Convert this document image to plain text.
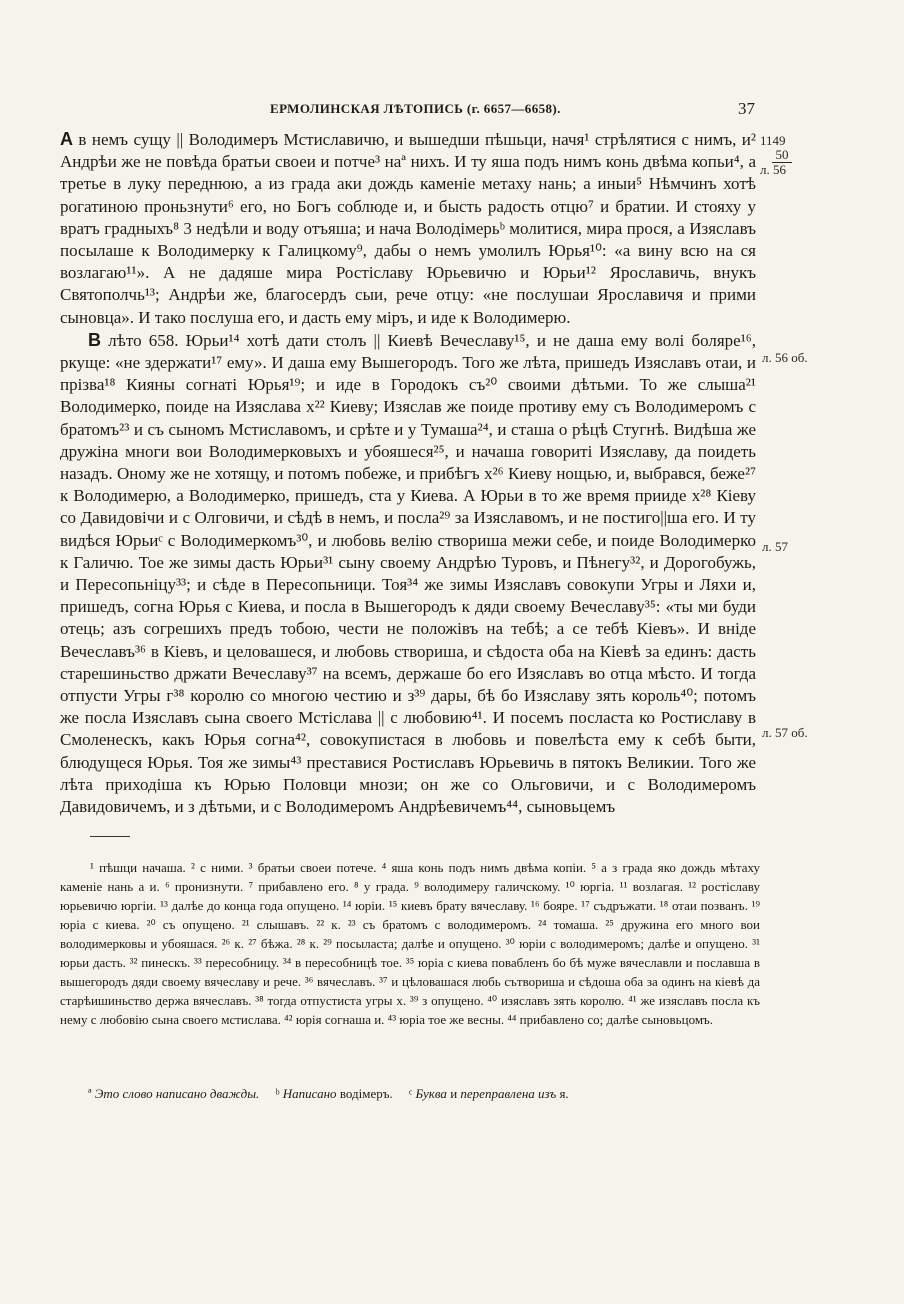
ЕРМОЛИНСКАЯ ЛѢТОПИСЬ (г. 6657—6658).	37
1149
50
л. 56
л. 56 об.
л. 57
л. 57 об.

А в немъ сущу || Володимеръ Мстиславичю, и вышедши пѣшьци, начя¹ стрѣлятися с нимъ, и² Андрѣи же не повѣда братьи своеи и потче³ наª нихъ. И ту яша подъ нимъ конь двѣма копьи⁴, а третье в луку переднюю, а из града аки дождь каменіе метаху нань; а иныи⁵ Нѣмчинъ хотѣ рогатиною проньзнути⁶ его, но Богъ соблюде и, и бысть радость отцю⁷ и братии. И стояху у вратъ градныхъ⁸ 3 недѣли и воду отъяша; и нача Володімерьᵇ молитися, мира прося, а Изяславъ посылаше к Володимерку к Галицкому⁹, дабы о немъ умолилъ Юрья¹⁰: «а вину всю на ся возлагаю¹¹». А не дадяше мира Ростіславу Юрьевичю и Юрьи¹² Ярославичь, внукъ Святополчь¹³; Андрѣи же, благосердъ сыи, рече отцу: «не послушаи Ярославичя и прими сыновца». И тако послуша его, и дасть ему міръ, и иде к Володимерю.

В лѣто 658. Юрьи¹⁴ хотѣ дати столъ || Киевѣ Вечеславу¹⁵, и не даша ему волі боляре¹⁶, ркуще: «не здержати¹⁷ ему». И даша ему Вышегородъ. Того же лѣта, пришедъ Изяславъ отаи, и прізва¹⁸ Кияны согнаті Юрья¹⁹; и иде в Городокъ съ²⁰ своими дѣтьми. То же слыша²¹ Володимерко, поиде на Изяслава х²² Киеву; Изяслав же поиде противу ему съ Володимеромъ с братомъ²³ и съ сыномъ Мстиславомъ, и срѣте и у Тумаша²⁴, и сташа о рѣцѣ Стугнѣ. Видѣша же дружіна многи вои Володимерковыхъ и убояшеся²⁵, и начаша говориті Изяславу, да поидеть назадъ. Оному же не хотящу, и потомъ побеже, и прибѣгъ х²⁶ Киеву нощью, и, выбрався, беже²⁷ к Володимерю, а Володимерко, пришедъ, ста у Киева. А Юрьи в то же время прииде х²⁸ Кіеву со Давидовічи и с Олговичи, и сѣдѣ в немъ, и посла²⁹ за Изяславомъ, и не постиго||ша его. И ту видѣся Юрьиᶜ с Володимеркомъ³⁰, и любовь велію створиша межи себе, и поиде Володимерко к Галичю. Тое же зимы дасть Юрьи³¹ сыну своему Андрѣю Туровъ, и Пѣнегу³², и Дорогобужь, и Пересопьніцу³³; и сѣде в Пересопьници. Тоя³⁴ же зимы Изяславъ совокупи Угры и Ляхи и, пришедъ, согна Юрья с Киева, и посла в Вышегородъ к дяди своему Вечеславу³⁵: «ты ми буди отець; азъ согрешихъ предъ тобою, чести не положівъ на тебѣ; а се тебѣ Кіевъ». И вніде Вечеславъ³⁶ в Кіевъ, и целовашеся, и любовь створиша, и сѣдоста оба на Кіевѣ за единъ: дасть старешиньство држати Вечеславу³⁷ на всемъ, держаше бо его Изяславъ во отца мѣсто. И тогда отпусти Угры г³⁸ королю со многою честию и з³⁹ дары, бѣ бо Изяславу зять король⁴⁰; потомъ же посла Изяславъ сына своего Мстіслава || с любовию⁴¹. И посемъ посласта ко Ростиславу в Смоленескъ, какъ Юрья согна⁴², совокупистася в любовь и повелѣста ему к себѣ быти, блюдущеся Юрья. Тоя же зимы⁴³ преставися Ростиславъ Юрьевичь в пятокъ Великии. Того же лѣта приходіша къ Юрью Половци мнози; он же со Ольговичи, и с Володимеромъ Давидовичемъ, и з дѣтьми, и с Володимеромъ Андрѣевичемъ⁴⁴, сыновьцемъ

¹ пѣшци начаша. ² с ними. ³ братьи своеи потече. ⁴ яша конь подъ нимъ двѣма копіи. ⁵ а з града яко дождь мѣтаху каменіе нань а и. ⁶ пронизнути. ⁷ прибавлено его. ⁸ у града. ⁹ володимеру галичскому. ¹⁰ юргіа. ¹¹ возлагая. ¹² ростіславу юрьевичю юргіи. ¹³ далѣе до конца года опущено. ¹⁴ юріи. ¹⁵ киевъ брату вячеславу. ¹⁶ бояре. ¹⁷ съдръжати. ¹⁸ отаи позванъ. ¹⁹ юріа с киева. ²⁰ съ опущено. ²¹ слышавъ. ²² к. ²³ съ братомъ с володимеромъ. ²⁴ томаша. ²⁵ дружина его много вои володимерковы и убояшася. ²⁶ к. ²⁷ бѣжа. ²⁸ к. ²⁹ посыласта; далѣе и опущено. ³⁰ юріи с володимеромъ; далѣе и опущено. ³¹ юрьи дасть. ³² пинескъ. ³³ пересобницу. ³⁴ в пересобницѣ тое. ³⁵ юріа с киева повабленъ бо бѣ муже вячеславли и пославша в вышегородъ дяди своему вячеславу и рече. ³⁶ вячеславъ. ³⁷ и цѣловашася любь сътвориша и сѣдоша оба за одинъ на кіевѣ да старѣишиньство держа вячеславъ. ³⁸ тогда отпустиста угры х. ³⁹ з опущено. ⁴⁰ изяславъ зять королю. ⁴¹ же изяславъ посла къ нему с любовію сына своего мстислава. ⁴² юрія согнаша и. ⁴³ юріа тое же весны. ⁴⁴ прибавлено со; далѣе сыновьцомъ.

ª Это слово написано дважды. ᵇ Написано водімеръ. ᶜ Буква и переправлена изъ я.
